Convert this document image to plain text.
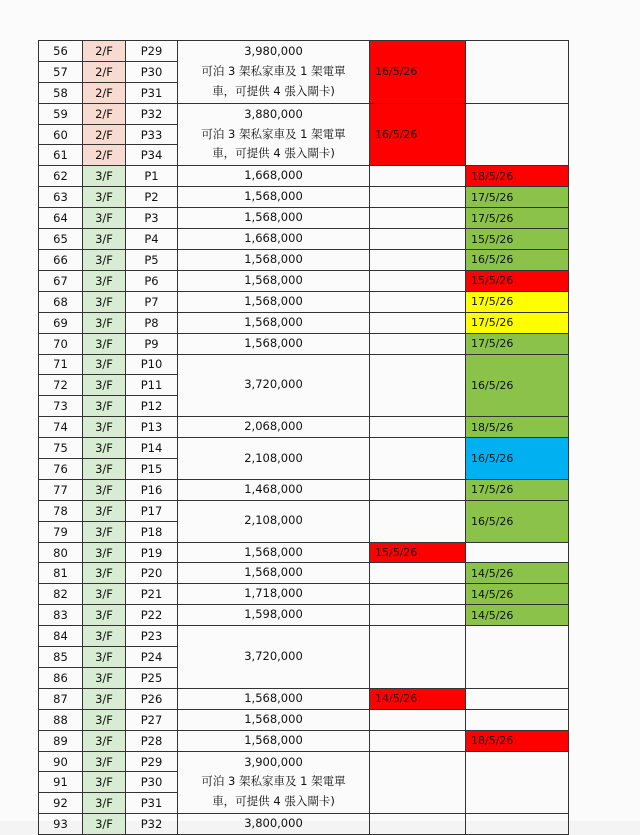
56	2/F	P29	3,980,000
可泊 3 架私家車及 1 架電單
車，可提供 4 張入閘卡)	16/5/26	
57	2/F	P30			
58	2/F	P31			
59	2/F	P32	3,880,000
可泊 3 架私家車及 1 架電單
車，可提供 4 張入閘卡)	16/5/26	
60	2/F	P33			
61	2/F	P34			
62	3/F	P1	1,668,000		18/5/26
63	3/F	P2	1,568,000		17/5/26
64	3/F	P3	1,568,000		17/5/26
65	3/F	P4	1,668,000		15/5/26
66	3/F	P5	1,568,000		16/5/26
67	3/F	P6	1,568,000		15/5/26
68	3/F	P7	1,568,000		17/5/26
69	3/F	P8	1,568,000		17/5/26
70	3/F	P9	1,568,000		17/5/26
71	3/F	P10	3,720,000		16/5/26
72	3/F	P11			
73	3/F	P12			
74	3/F	P13	2,068,000		18/5/26
75	3/F	P14	2,108,000		16/5/26
76	3/F	P15			
77	3/F	P16	1,468,000		17/5/26
78	3/F	P17	2,108,000		16/5/26
79	3/F	P18			
80	3/F	P19	1,568,000	15/5/26	
81	3/F	P20	1,568,000		14/5/26
82	3/F	P21	1,718,000		14/5/26
83	3/F	P22	1,598,000		14/5/26
84	3/F	P23	3,720,000		

85	3/F	P24			
86	3/F	P25			
87	3/F	P26	1,568,000	14/5/26	
88	3/F	P27	1,568,000		

89	3/F	P28	1,568,000		18/5/26
90	3/F	P29	3,900,000
可泊 3 架私家車及 1 架電單
車，可提供 4 張入閘卡)		

91	3/F	P30			
92	3/F	P31			
93	3/F	P32	3,800,000		
